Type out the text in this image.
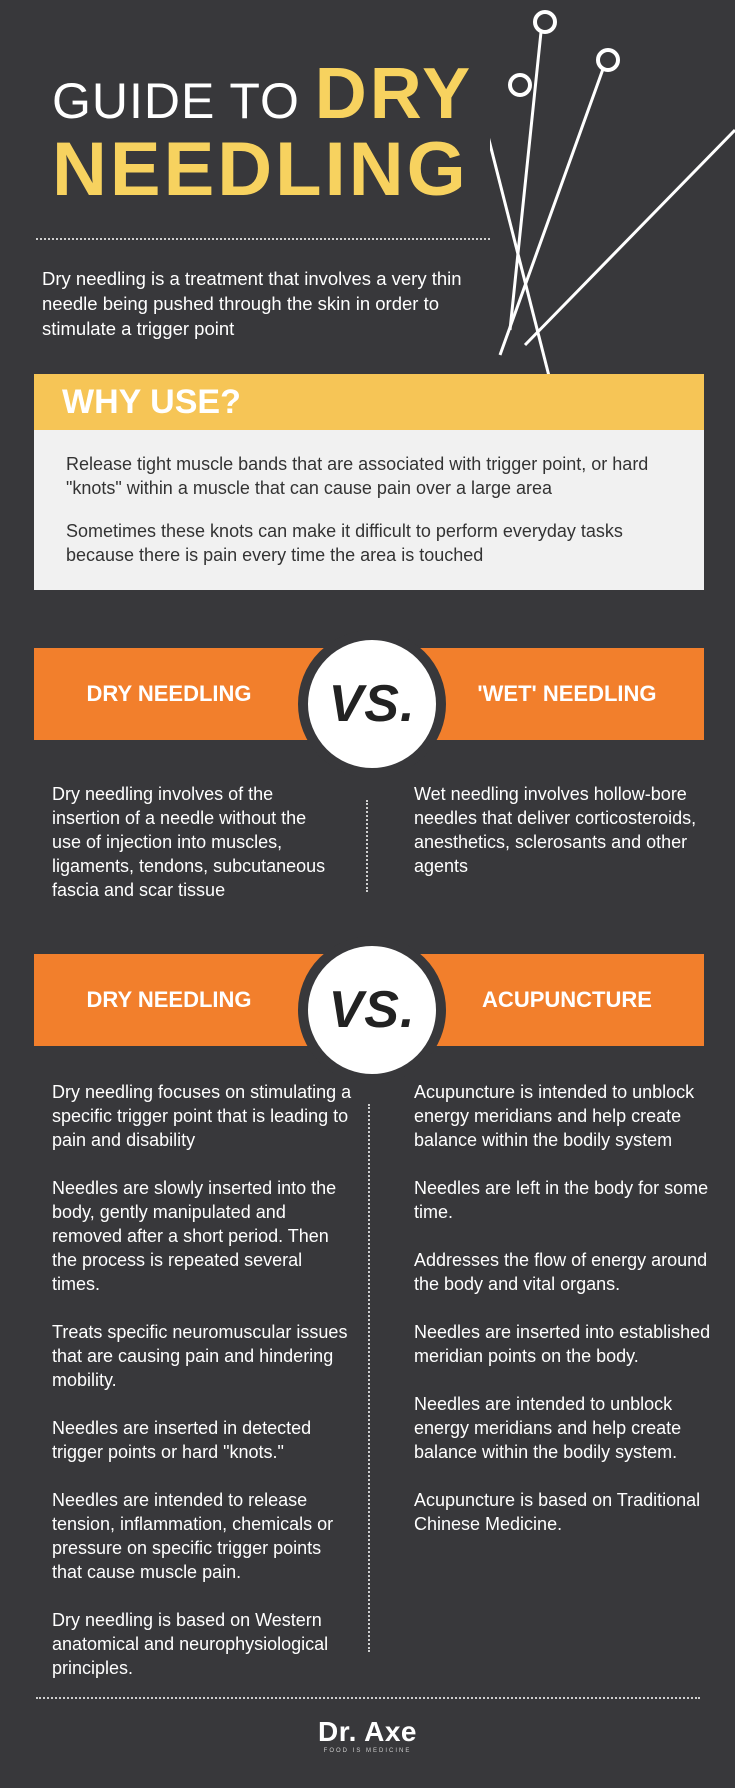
GUIDE TO DRY
NEEDLING
Dry needling is a treatment that involves a very thin needle being pushed through the skin in order to stimulate a trigger point
WHY USE?
Release tight muscle bands that are associated with trigger point, or hard "knots" within a muscle that can cause pain over a large area
Sometimes these knots can make it difficult to perform everyday tasks because there is pain every time the area is touched
DRY NEEDLING	'WET' NEEDLING
VS.
Dry needling involves of the insertion of a needle without the use of injection into muscles, ligaments, tendons, subcutaneous fascia and scar tissue
Wet needling involves hollow-bore needles that deliver corticosteroids, anesthetics, sclerosants and other agents
DRY NEEDLING	ACUPUNCTURE
VS.

Dry needling focuses on stimulating a specific trigger point that is leading to pain and disability

Needles are slowly inserted into the body, gently manipulated and removed after a short period. Then the process is repeated several times.

Treats specific neuromuscular issues that are causing pain and hindering mobility.

Needles are inserted in detected trigger points or hard "knots."

Needles are intended to release tension, inflammation, chemicals or pressure on specific trigger points that cause muscle pain.

Dry needling is based on Western anatomical and neurophysiological principles.

Acupuncture is intended to unblock energy meridians and help create balance within the bodily system

Needles are left in the body for some time.

Addresses the flow of energy around the body and vital organs.

Needles are inserted into established meridian points on the body.

Needles are intended to unblock energy meridians and help create balance within the bodily system.

Acupuncture is based on Traditional Chinese Medicine.

Dr. Axe
FOOD IS MEDICINE
